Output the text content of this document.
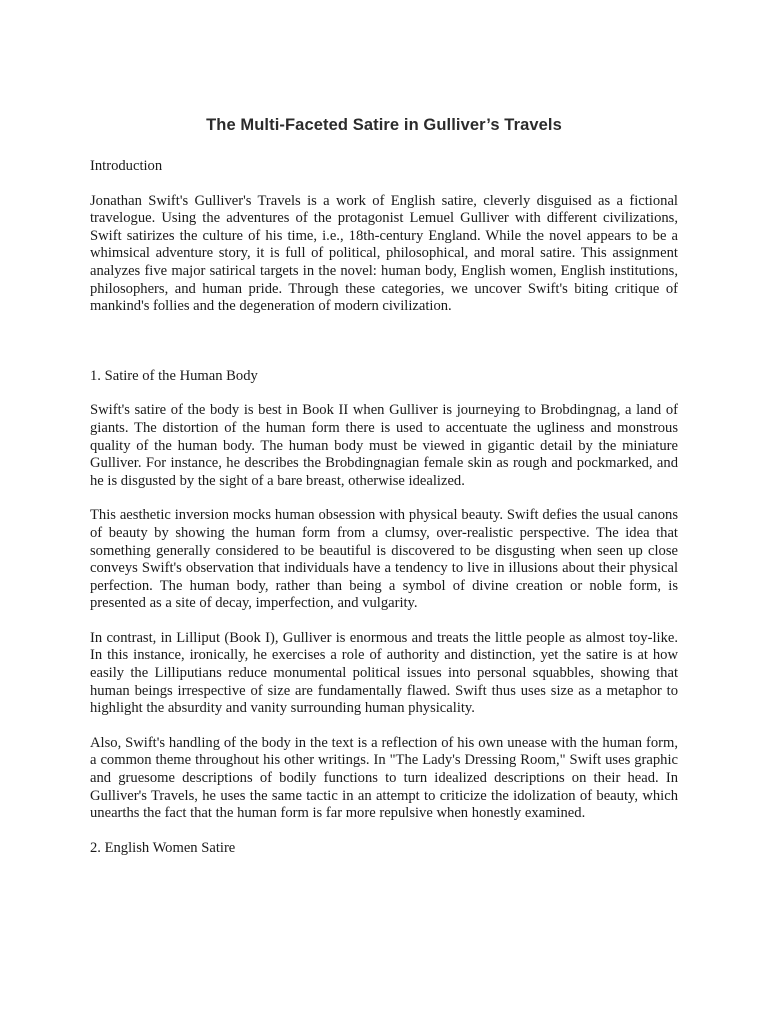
The Multi-Faceted Satire in Gulliver’s Travels

Introduction

Jonathan Swift's Gulliver's Travels is a work of English satire, cleverly disguised as a fictional travelogue. Using the adventures of the protagonist Lemuel Gulliver with different civilizations, Swift satirizes the culture of his time, i.e., 18th-century England. While the novel appears to be a whimsical adventure story, it is full of political, philosophical, and moral satire. This assignment analyzes five major satirical targets in the novel: human body, English women, English institutions, philosophers, and human pride. Through these categories, we uncover Swift's biting critique of mankind's follies and the degeneration of modern civilization.

1. Satire of the Human Body

Swift's satire of the body is best in Book II when Gulliver is journeying to Brobdingnag, a land of giants. The distortion of the human form there is used to accentuate the ugliness and monstrous quality of the human body. The human body must be viewed in gigantic detail by the miniature Gulliver. For instance, he describes the Brobdingnagian female skin as rough and pockmarked, and he is disgusted by the sight of a bare breast, otherwise idealized.

This aesthetic inversion mocks human obsession with physical beauty. Swift defies the usual canons of beauty by showing the human form from a clumsy, over-realistic perspective. The idea that something generally considered to be beautiful is discovered to be disgusting when seen up close conveys Swift's observation that individuals have a tendency to live in illusions about their physical perfection. The human body, rather than being a symbol of divine creation or noble form, is presented as a site of decay, imperfection, and vulgarity.

In contrast, in Lilliput (Book I), Gulliver is enormous and treats the little people as almost toy-like. In this instance, ironically, he exercises a role of authority and distinction, yet the satire is at how easily the Lilliputians reduce monumental political issues into personal squabbles, showing that human beings irrespective of size are fundamentally flawed. Swift thus uses size as a metaphor to highlight the absurdity and vanity surrounding human physicality.

Also, Swift's handling of the body in the text is a reflection of his own unease with the human form, a common theme throughout his other writings. In "The Lady's Dressing Room," Swift uses graphic and gruesome descriptions of bodily functions to turn idealized descriptions on their head. In Gulliver's Travels, he uses the same tactic in an attempt to criticize the idolization of beauty, which unearths the fact that the human form is far more repulsive when honestly examined.

2. English Women Satire
